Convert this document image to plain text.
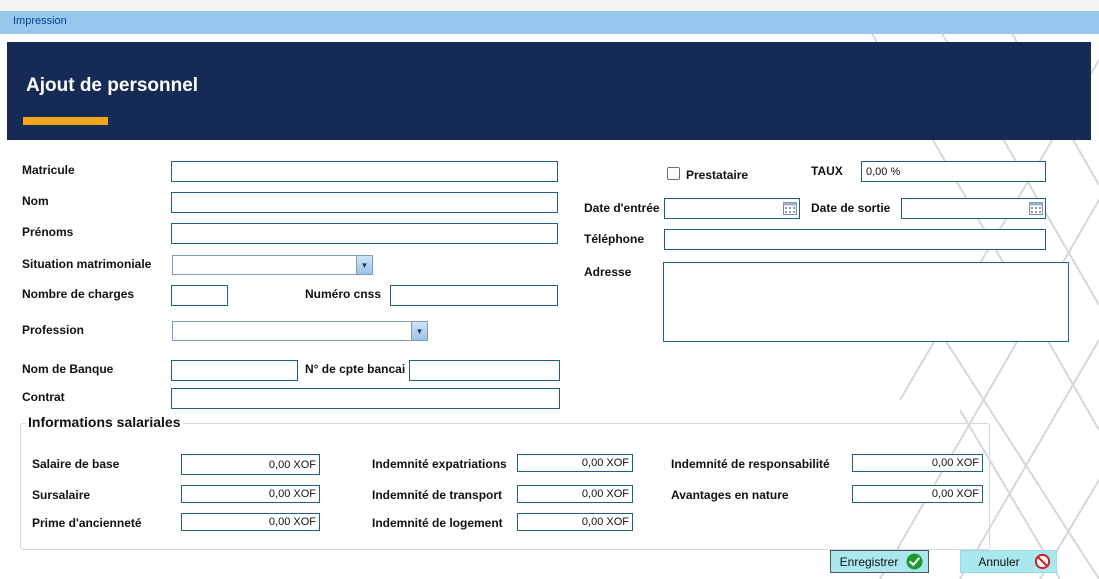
Impression
Ajout de personnel
Matricule
Nom
Prénoms
Situation matrimoniale	▼
Nombre de charges	Numéro cnss
Profession	▼
Nom de Banque	N° de cpte bancai
Contrat
Prestataire	TAUX
0,00 %
Date d'entrée	Date de sortie
Téléphone
Adresse
Informations salariales
Salaire de base
0,00 XOF
Sursalaire
0,00 XOF
Prime d'ancienneté
0,00 XOF
Indemnité expatriations
0,00 XOF
Indemnité de transport
0,00 XOF
Indemnité de logement
0,00 XOF
Indemnité de responsabilité
0,00 XOF
Avantages en nature
0,00 XOF
Enregistrer	Annuler
